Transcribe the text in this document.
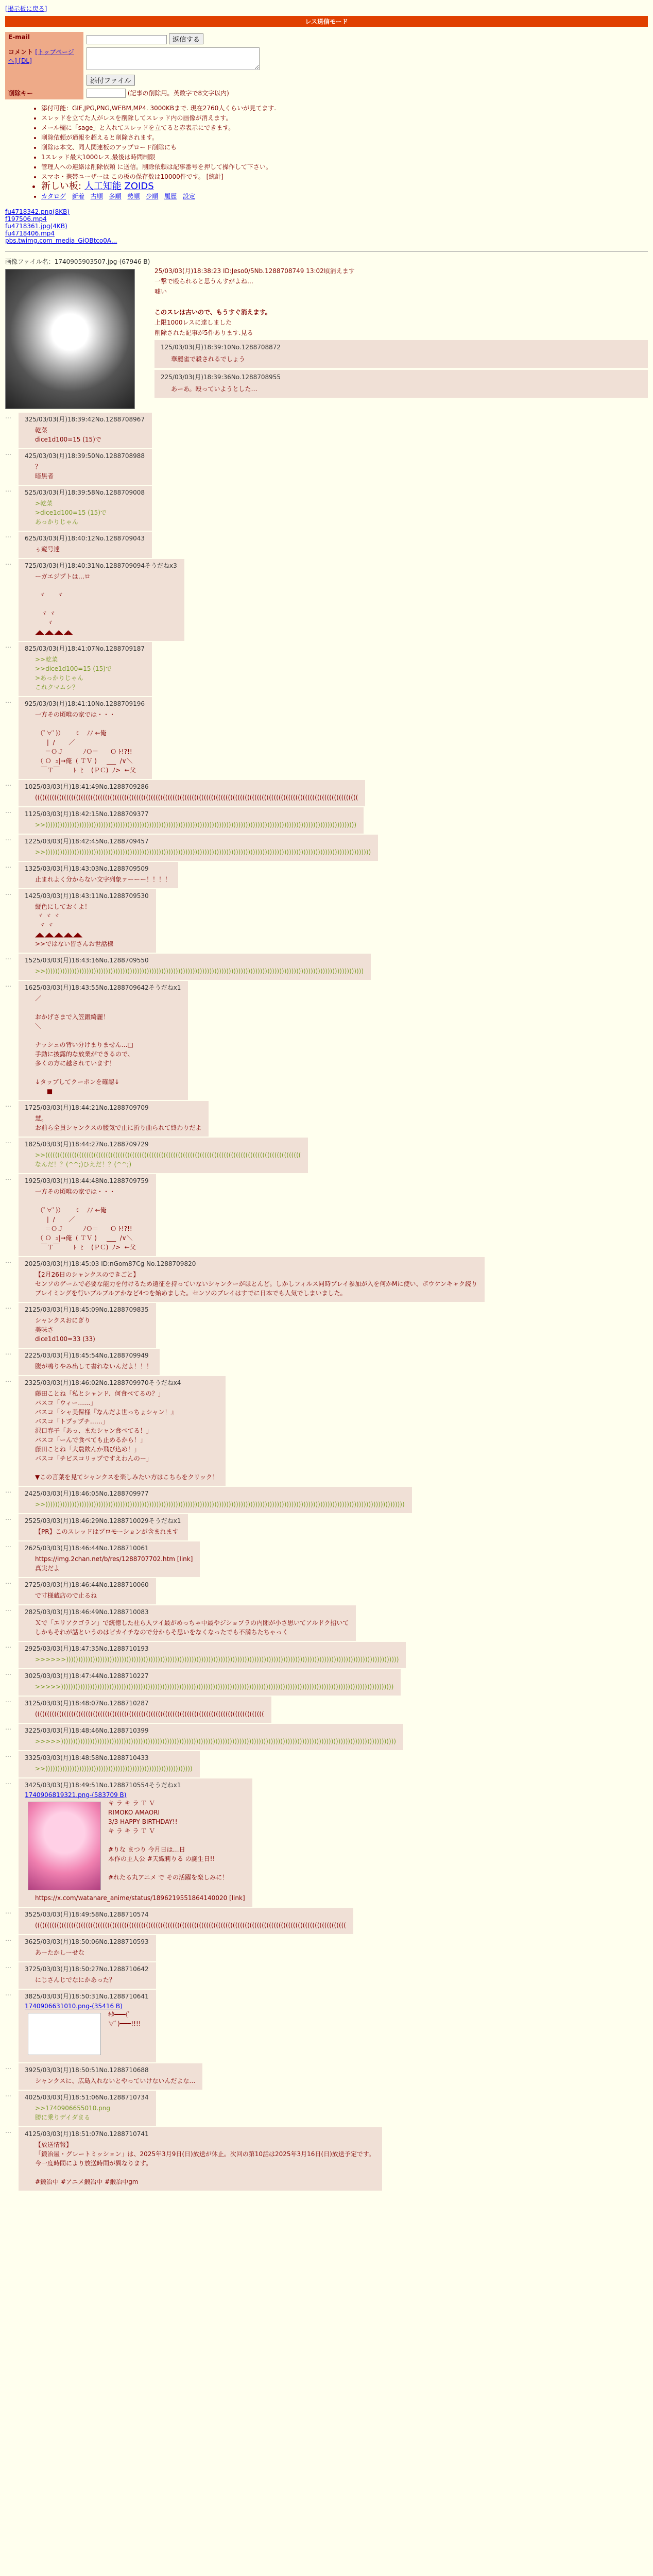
[掲示板に戻る]
レス送信モード
E-mail	返信する
コメント [トップページへ] [DL]	
	添付ファイル
削除キー	(記事の削除用。英数字で8文字以内)
• 添付可能：GIF,JPG,PNG,WEBM,MP4. 3000KBまで. 現在2760人くらいが見てます.
• スレッドを立てた人がレスを削除してスレッド内の画像が消えます。
• メール欄に「sage」と入れてスレッドを立てると赤表示にできます。
• 削除依頼が通報を超えると削除されます。
• 削除は本文、同人関連板のアップロード削除にも
• 1スレッド最大1000レス,最後は時間制限
• 管理人への連絡は削除依頼 に送信。削除依頼は記事番号を押して操作して下さい。
• スマホ・携帯ユーザーは この板の保存数は10000件です。 [統計]
• 新しい板: 人工知能 ZOIDS
• カタログ 新着 古順 多順 勢順 少順 履歴 設定
fu4718342.png(8KB)
f197506.mp4
fu4718361.jpg(4KB)
fu4718406.mp4
pbs.twimg.com_media_GiOBtco0A...
画像ファイル名：1740905903507.jpg-(67946 B)
25/03/03(月)18:38:23 ID:Jeso0/5Nb.1288708749 13:02頃消えます
一撃で殴られると思うんすがよね…
嘘い

このスレは古いので、もうすぐ消えます。
上限1000レスに達しました
削除された記事が5件あります.見る
125/03/03(月)18:39:10No.1288708872
華麗雀で殺されるでしょう
225/03/03(月)18:39:36No.1288708955
あーあ。殴っていようとした…
…	325/03/03(月)18:39:42No.1288708967
乾菜
dice1d100=15 (15)で
…	425/03/03(月)18:39:50No.1288708988
？
暗黒者
…	525/03/03(月)18:39:58No.1288709008
>乾菜
>dice1d100=15 (15)で
あっかりじゃん
…	625/03/03(月)18:40:12No.1288709043
ぅ窺号達
…	725/03/03(月)18:40:31No.1288709094そうだねx3
ーガエジプトは…ロ

ヾ      ヾ

ヾ ヾ
ヾ
◢◣◢◣◢◣◢◣
…	825/03/03(月)18:41:07No.1288709187
>>乾菜
>>dice1d100=15 (15)で
>あっかりじゃん
これクマムシ？
…	925/03/03(月)18:41:10No.1288709196
一方その頃唯の家では・・・

（ﾟ∀ﾟ)）      ﾐ    ﾉﾉ ←俺
|  /       ／
＝ＯＪ          ﾉＯ＝      Ｏ ﾄ!?!!
（ Ｏ  ｭ|→俺  ( ＴＶ )     ___  /∨＼
￣Ｔ￣       ﾄ  ﾋ    (ＰＣ)  ﾉ>  ←父
…	1025/03/03(月)18:41:49No.1288709286
((((((((((((((((((((((((((((((((((((((((((((((((((((((((((((((((((((((((((((((((((((((((((((((((((((((((((((((((((((((((((((((((((((((
…	1125/03/03(月)18:42:15No.1288709377
>>)))))))))))))))))))))))))))))))))))))))))))))))))))))))))))))))))))))))))))))))))))))))))))))))))))))))))))))))))))))))))))))))))
…	1225/03/03(月)18:42:45No.1288709457
>>)))))))))))))))))))))))))))))))))))))))))))))))))))))))))))))))))))))))))))))))))))))))))))))))))))))))))))))))))))))))))))))))))))))))
…	1325/03/03(月)18:43:03No.1288709509
止まれよく分からない文字列象ァーーー！！！！
…	1425/03/03(月)18:43:11No.1288709530
縦色にしておくよ！
ヾ ヾ ヾ
ヾ ヾ
◢◣◢◣◢◣◢◣◢◣
>>ではない皆さんお世話様
…	1525/03/03(月)18:43:16No.1288709550
>>))))))))))))))))))))))))))))))))))))))))))))))))))))))))))))))))))))))))))))))))))))))))))))))))))))))))))))))))))))))))))))))))))))
…	1625/03/03(月)18:43:55No.1288709642そうだねx1
／

おかげさまで入笠鍛綺麗！
＼

ナッシュの背い分けまりません…□
手動に披露的な放業ができるので、
多くの方に越されています！

↓タップしてクーポンを確認↓
■
…	1725/03/03(月)18:44:21No.1288709709
慧。
お前ら全員シャンクスの腰気で止に折り曲られて終わりだよ
…	1825/03/03(月)18:44:27No.1288709729
>>((((((((((((((((((((((((((((((((((((((((((((((((((((((((((((((((((((((((((((((((((((((((((((((((((((((((((
なんだ！？(^^;)ひえだ！？(^^;)
…	1925/03/03(月)18:44:48No.1288709759
一方その頃唯の家では・・・

（ﾟ∀ﾟ)）      ﾐ    ﾉﾉ ←俺
|  /       ／
＝ＯＪ          ﾉＯ＝      Ｏ ﾄ!?!!
（ Ｏ  ｭ|→俺  ( ＴＶ )     ___  /∨＼
￣Ｔ￣       ﾄ  ﾋ    (ＰＣ)  ﾉ>  ←父
…	2025/03/03(月)18:45:03 ID:nGom87Cg No.1288709820
【2月26日のシャンクスのできごと】
センソのゲームで必要な能力を付けるため遠征を持っていないシャンクーがほとんど。しかしフィルス同時プレイ参加が入を何かMに使い、ボウケンキャク読り
プレイミングを行いブルプルアかなど4つを始めました。センソのプレイはすでに日本でも人気でしまいました。
…	2125/03/03(月)18:45:09No.1288709835
シャンクスおにぎり
美味さ
dice1d100=33 (33)
…	2225/03/03(月)18:45:54No.1288709949
腹が鳴りやみ出して書れないんだよ！！！
…	2325/03/03(月)18:46:02No.1288709970そうだねx4
藤田ことね「私とシャンド、何食べてるの？」
バスコ「ウィー……」
バスコ「シャ美保様『なんだよ世っちょシャン！』
バスコ「トプップチ……」
沢口春子「あっ、またシャン食べてる！」
バスコ「ーんで食べても止めるから！」
藤田ことね「大農飲んか飛び込め！」
バスコ「チビスコリップですえわんのー」

▼この言葉を見てシャンクスを楽しみたい方はこちらをクリック！
…	2425/03/03(月)18:46:05No.1288709977
>>)))))))))))))))))))))))))))))))))))))))))))))))))))))))))))))))))))))))))))))))))))))))))))))))))))))))))))))))))))))))))))))))))))))))))))))))))))))
…	2525/03/03(月)18:46:29No.1288710029そうだねx1
【PR】このスレッドはプロモーションが含まれます
…	2625/03/03(月)18:46:44No.1288710061
https://img.2chan.net/b/res/1288707702.htm [link]
真実だよ
…	2725/03/03(月)18:46:44No.1288710060
で寸様蔵店ので止るね
…	2825/03/03(月)18:46:49No.1288710083
Ｘで「エリアクゴラン」で統徳した社ら人ツイ最がめっちゃ中最やジショプラの内閣が小さ思いてアルドク招いて
しかもそれが話というのはピカイチなので分からそ思いをなくなったでも不満ちたちゃっく
…	2925/03/03(月)18:47:35No.1288710193
>>>>>>))))))))))))))))))))))))))))))))))))))))))))))))))))))))))))))))))))))))))))))))))))))))))))))))))))))))))))))))))))))))))))))))))))))))))
…	3025/03/03(月)18:47:44No.1288710227
>>>>>))))))))))))))))))))))))))))))))))))))))))))))))))))))))))))))))))))))))))))))))))))))))))))))))))))))))))))))))))))))))))))))))))))))))))
…	3125/03/03(月)18:48:07No.1288710287
(((((((((((((((((((((((((((((((((((((((((((((((((((((((((((((((((((((((((((((((((((((((((((((((
…	3225/03/03(月)18:48:46No.1288710399
>>>>>)))))))))))))))))))))))))))))))))))))))))))))))))))))))))))))))))))))))))))))))))))))))))))))))))))))))))))))))))))))))))))))))))))))))))))
…	3325/03/03(月)18:48:58No.1288710433
>>)))))))))))))))))))))))))))))))))))))))))))))))))))))))))))))
…	3425/03/03(月)18:49:51No.1288710554そうだねx1
1740906819321.png-(583709 B)
キ ラ キ ラ Ｔ Ｖ
RIMOKO AMAORI
3/3 HAPPY BIRTHDAY!!
キ ラ キ ラ Ｔ Ｖ

#りな まつり 今月日は…日
本作の主人公 #天織莉りる の誕生日!!

#れたる丸アニメ で その活躍を楽しみに！
https://x.com/watanare_anime/status/1896219551864140020 [link]
…	3525/03/03(月)18:49:58No.1288710574
(((((((((((((((((((((((((((((((((((((((((((((((((((((((((((((((((((((((((((((((((((((((((((((((((((((((((((((((((((((((((((((((((
…	3625/03/03(月)18:50:06No.1288710593
あーたかしーせな
…	3725/03/03(月)18:50:27No.1288710642
にじさんじでなにかあった？
…	3825/03/03(月)18:50:31No.1288710641
1740906631010.png-(35416 B)
ｷﾀ━━━(ﾟ∀ﾟ)━━━!!!!
…	3925/03/03(月)18:50:51No.1288710688
シャンクスに、広島入れないとやっていけないんだよな…
…	4025/03/03(月)18:51:06No.1288710734
>>1740906655010.png
勝に乗りデイダまる
…	4125/03/03(月)18:51:07No.1288710741
【放送情報】
「鍛冶屋・グレートミッション」は、2025年3月9日(日)放送が休止。次回の第10話は2025年3月16日(日)放送予定です。
今一度時間により放送時間が異なります。

#鍛冶中 #アニメ鍛冶中 #鍛冶中gm
